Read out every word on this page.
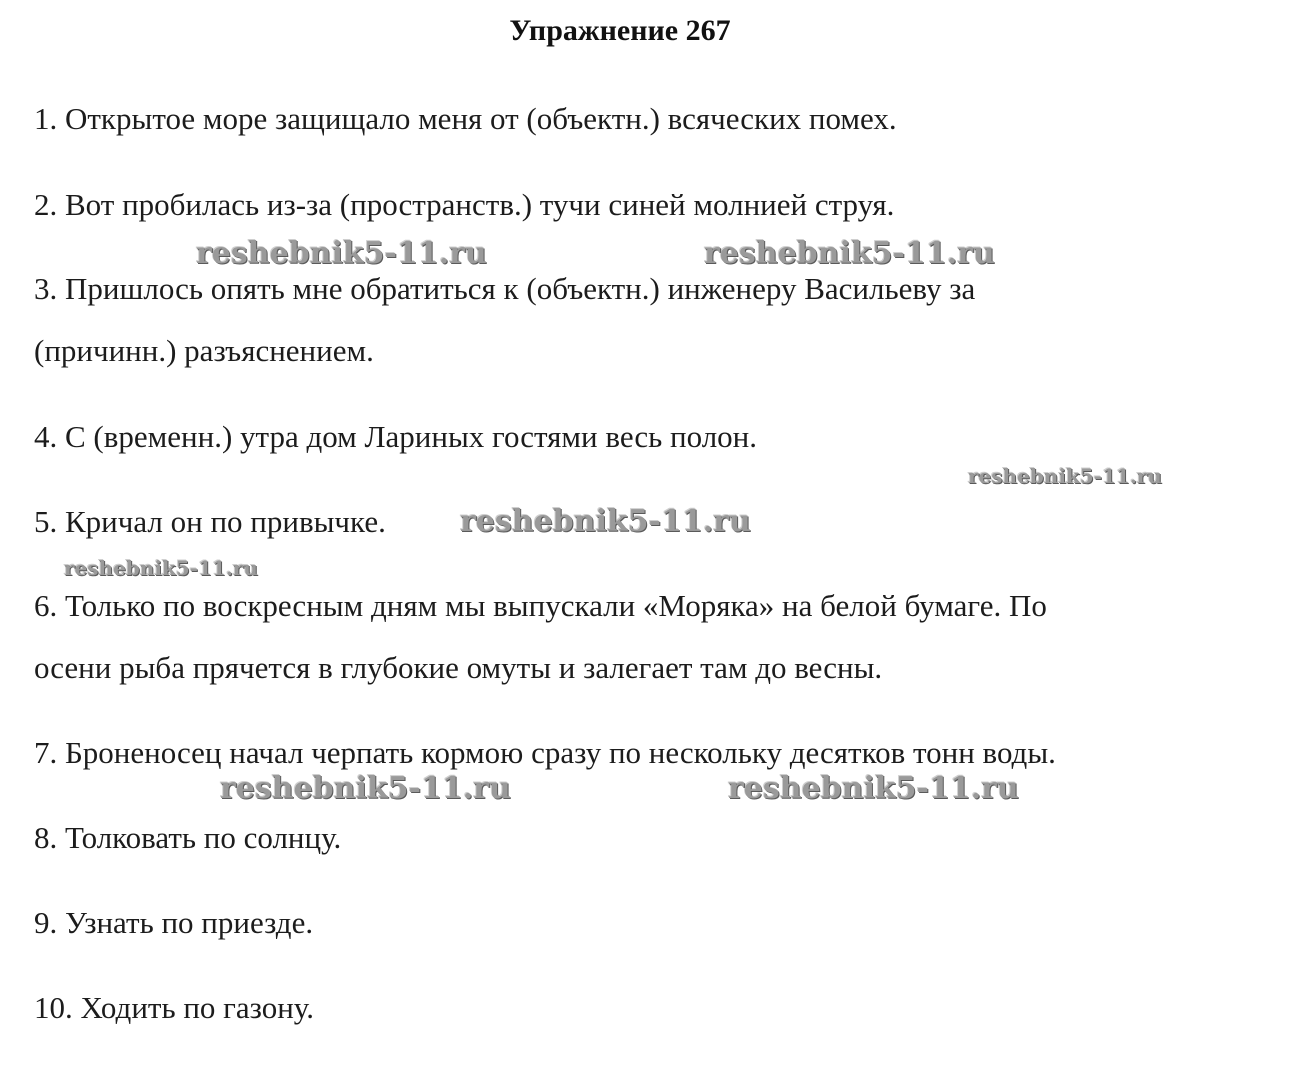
Упражнение 267
1. Открытое море защищало меня от (объектн.) всяческих помех.
2. Вот пробилась из-за (пространств.) тучи синей молнией струя.
3. Пришлось опять мне обратиться к (объектн.) инженеру Васильеву за
(причинн.) разъяснением.
4. С (временн.) утра дом Лариных гостями весь полон.
5. Кричал он по привычке.
6. Только по воскресным дням мы выпускали «Моряка» на белой бумаге. По
осени рыба прячется в глубокие омуты и залегает там до весны.
7. Броненосец начал черпать кормою сразу по нескольку десятков тонн воды.
8. Толковать по солнцу.
9. Узнать по приезде.
10. Ходить по газону.
reshebnik5-11.ru	reshebnik5-11.ru
reshebnik5-11.ru
reshebnik5-11.ru
reshebnik5-11.ru
reshebnik5-11.ru	reshebnik5-11.ru
